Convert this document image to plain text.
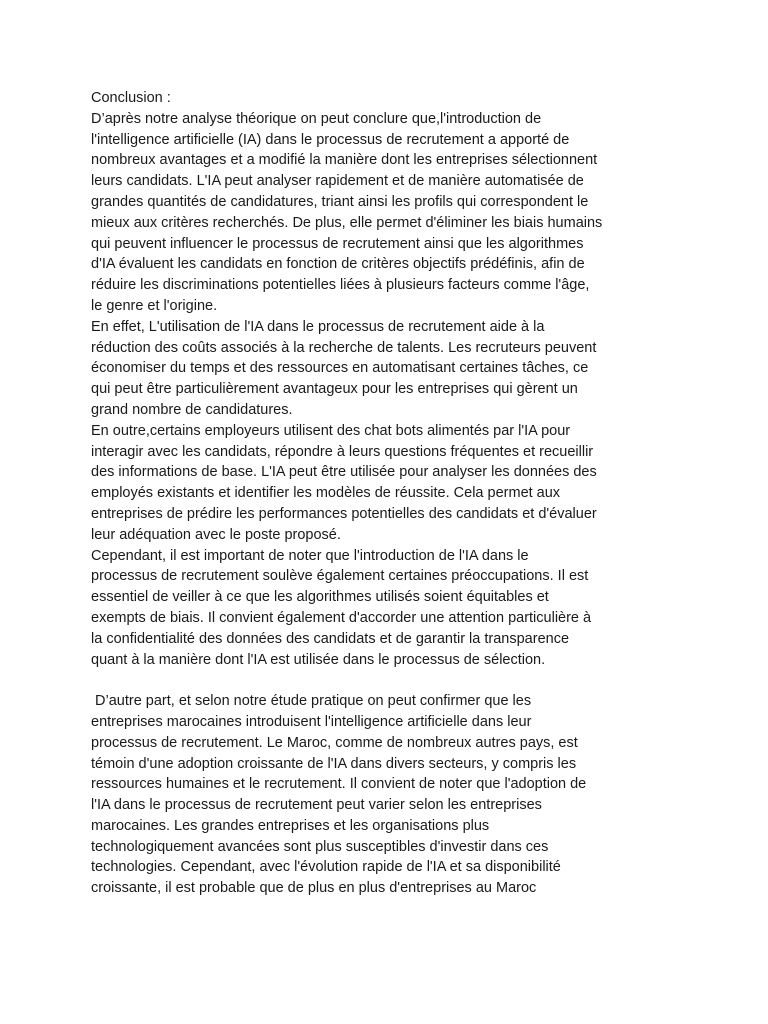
Conclusion :
D’après notre analyse théorique on peut conclure que,l'introduction de
l'intelligence artificielle (IA) dans le processus de recrutement a apporté de
nombreux avantages et a modifié la manière dont les entreprises sélectionnent
leurs candidats. L'IA peut analyser rapidement et de manière automatisée de
grandes quantités de candidatures, triant ainsi les profils qui correspondent le
mieux aux critères recherchés. De plus, elle permet d'éliminer les biais humains
qui peuvent influencer le processus de recrutement ainsi que les algorithmes
d'IA évaluent les candidats en fonction de critères objectifs prédéfinis, afin de
réduire les discriminations potentielles liées à plusieurs facteurs comme l'âge,
le genre et l'origine.
En effet, L'utilisation de l'IA dans le processus de recrutement aide à la
réduction des coûts associés à la recherche de talents. Les recruteurs peuvent
économiser du temps et des ressources en automatisant certaines tâches, ce
qui peut être particulièrement avantageux pour les entreprises qui gèrent un
grand nombre de candidatures.
En outre,certains employeurs utilisent des chat bots alimentés par l'IA pour
interagir avec les candidats, répondre à leurs questions fréquentes et recueillir
des informations de base. L'IA peut être utilisée pour analyser les données des
employés existants et identifier les modèles de réussite. Cela permet aux
entreprises de prédire les performances potentielles des candidats et d'évaluer
leur adéquation avec le poste proposé.
Cependant, il est important de noter que l'introduction de l'IA dans le
processus de recrutement soulève également certaines préoccupations. Il est
essentiel de veiller à ce que les algorithmes utilisés soient équitables et
exempts de biais. Il convient également d'accorder une attention particulière à
la confidentialité des données des candidats et de garantir la transparence
quant à la manière dont l'IA est utilisée dans le processus de sélection.
D’autre part, et selon notre étude pratique on peut confirmer que les
entreprises marocaines introduisent l'intelligence artificielle dans leur
processus de recrutement. Le Maroc, comme de nombreux autres pays, est
témoin d'une adoption croissante de l'IA dans divers secteurs, y compris les
ressources humaines et le recrutement. Il convient de noter que l'adoption de
l'IA dans le processus de recrutement peut varier selon les entreprises
marocaines. Les grandes entreprises et les organisations plus
technologiquement avancées sont plus susceptibles d'investir dans ces
technologies. Cependant, avec l'évolution rapide de l'IA et sa disponibilité
croissante, il est probable que de plus en plus d'entreprises au Maroc
